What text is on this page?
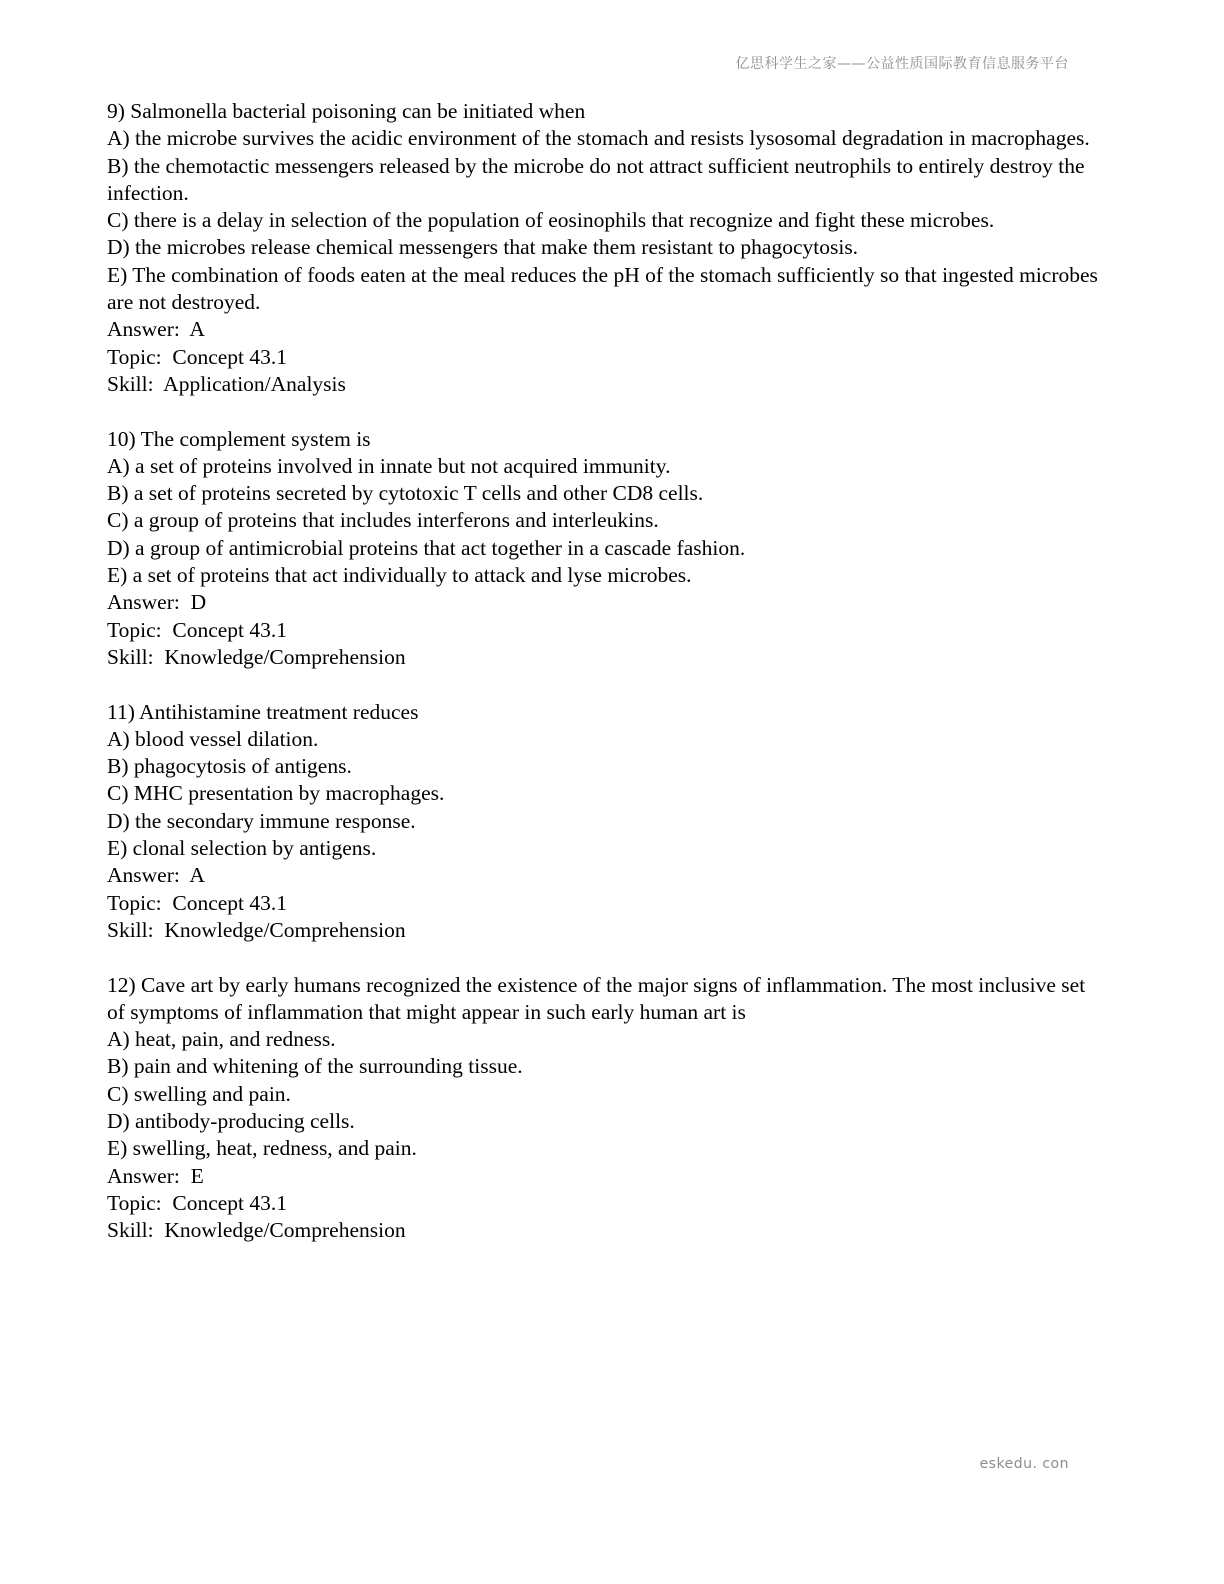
亿思科学生之家——公益性质国际教育信息服务平台

9) Salmonella bacterial poisoning can be initiated when

A) the microbe survives the acidic environment of the stomach and resists lysosomal degradation in macrophages.

B) the chemotactic messengers released by the microbe do not attract sufficient neutrophils to entirely destroy the infection.

C) there is a delay in selection of the population of eosinophils that recognize and fight these microbes.

D) the microbes release chemical messengers that make them resistant to phagocytosis.

E) The combination of foods eaten at the meal reduces the pH of the stomach sufficiently so that ingested microbes are not destroyed.

Answer:  A

Topic:  Concept 43.1

Skill:  Application/Analysis

10) The complement system is

A) a set of proteins involved in innate but not acquired immunity.

B) a set of proteins secreted by cytotoxic T cells and other CD8 cells.

C) a group of proteins that includes interferons and interleukins.

D) a group of antimicrobial proteins that act together in a cascade fashion.

E) a set of proteins that act individually to attack and lyse microbes.

Answer:  D

Topic:  Concept 43.1

Skill:  Knowledge/Comprehension

11) Antihistamine treatment reduces

A) blood vessel dilation.

B) phagocytosis of antigens.

C) MHC presentation by macrophages.

D) the secondary immune response.

E) clonal selection by antigens.

Answer:  A

Topic:  Concept 43.1

Skill:  Knowledge/Comprehension

12) Cave art by early humans recognized the existence of the major signs of inflammation. The most inclusive set of symptoms of inflammation that might appear in such early human art is

A) heat, pain, and redness.

B) pain and whitening of the surrounding tissue.

C) swelling and pain.

D) antibody-producing cells.

E) swelling, heat, redness, and pain.

Answer:  E

Topic:  Concept 43.1

Skill:  Knowledge/Comprehension

eskedu. con
